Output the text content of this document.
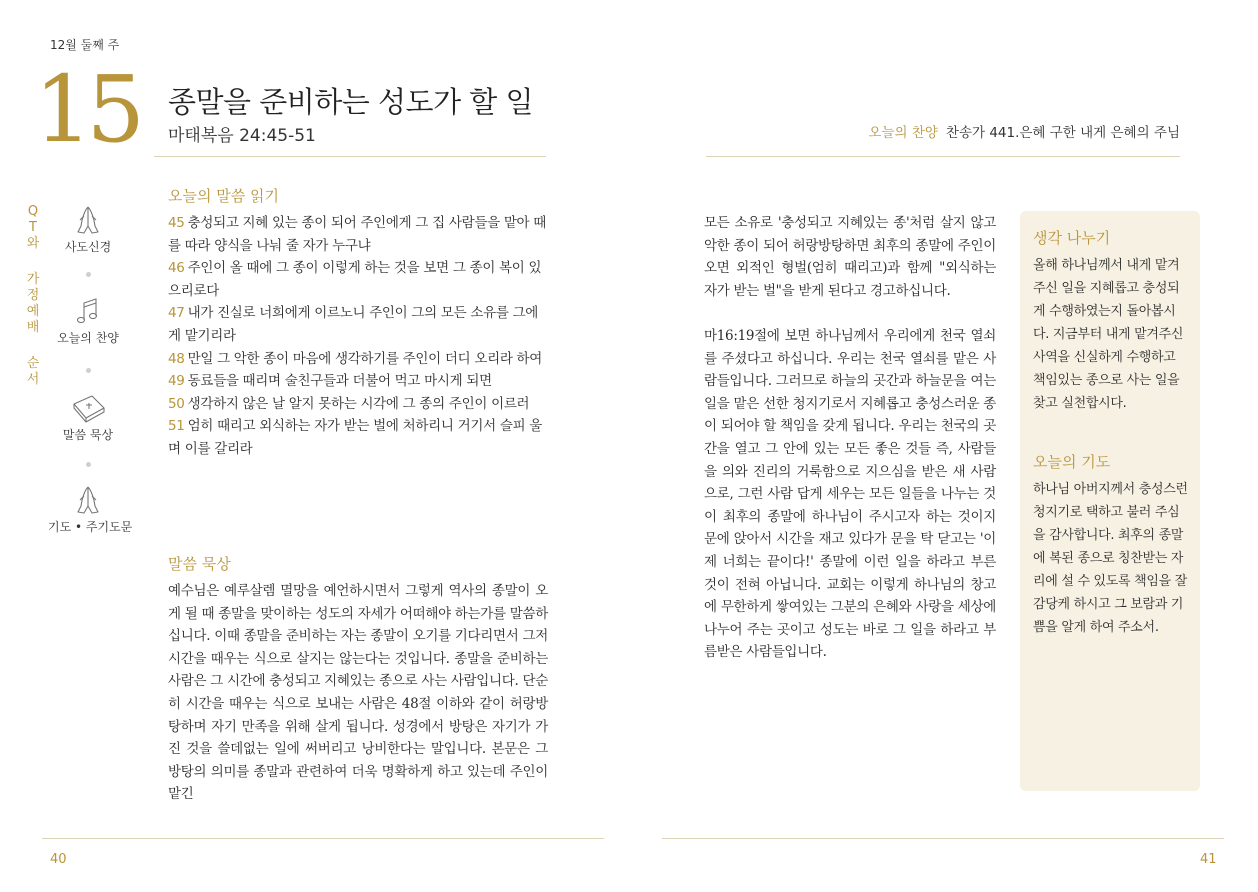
12월 둘째 주
15 종말을 준비하는 성도가 할 일
마태복음 24:45-51
Q
T
와
가
정
예
배
순
서
사도신경
오늘의 찬양
말씀 묵상
기도 • 주기도문
오늘의 말씀 읽기
45 충성되고 지혜 있는 종이 되어 주인에게 그 집 사람들을 맡아 때를 따라 양식을 나눠 줄 자가 누구냐
46 주인이 올 때에 그 종이 이렇게 하는 것을 보면 그 종이 복이 있으리로다
47 내가 진실로 너희에게 이르노니 주인이 그의 모든 소유를 그에게 맡기리라
48 만일 그 악한 종이 마음에 생각하기를 주인이 더디 오리라 하여
49 동료들을 때리며 술친구들과 더불어 먹고 마시게 되면
50 생각하지 않은 날 알지 못하는 시각에 그 종의 주인이 이르러
51 엄히 때리고 외식하는 자가 받는 벌에 처하리니 거기서 슬피 울며 이를 갈리라
말씀 묵상

예수님은 예루살렘 멸망을 예언하시면서 그렇게 역사의 종말이 오게 될 때 종말을 맞이하는 성도의 자세가 어떠해야 하는가를 말씀하십니다. 이때 종말을 준비하는 자는 종말이 오기를 기다리면서 그저 시간을 때우는 식으로 살지는 않는다는 것입니다. 종말을 준비하는 사람은 그 시간에 충성되고 지혜있는 종으로 사는 사람입니다. 단순히 시간을 때우는 식으로 보내는 사람은 48절 이하와 같이 허랑방탕하며 자기 만족을 위해 살게 됩니다. 성경에서 방탕은 자기가 가진 것을 쓸데없는 일에 써버리고 낭비한다는 말입니다. 본문은 그 방탕의 의미를 종말과 관련하여 더욱 명확하게 하고 있는데 주인이 맡긴

40
오늘의 찬양 찬송가 441.은혜 구한 내게 은혜의 주님

모든 소유로 '충성되고 지혜있는 종'처럼 살지 않고 악한 종이 되어 허랑방탕하면 최후의 종말에 주인이 오면 외적인 형벌(엄히 때리고)과 함께 "외식하는 자가 받는 벌"을 받게 된다고 경고하십니다.

마16:19절에 보면 하나님께서 우리에게 천국 열쇠를 주셨다고 하십니다. 우리는 천국 열쇠를 맡은 사람들입니다. 그러므로 하늘의 곳간과 하늘문을 여는 일을 맡은 선한 청지기로서 지혜롭고 충성스러운 종이 되어야 할 책임을 갖게 됩니다. 우리는 천국의 곳간을 열고 그 안에 있는 모든 좋은 것들 즉, 사람들을 의와 진리의 거룩함으로 지으심을 받은 새 사람으로, 그런 사람 답게 세우는 모든 일들을 나누는 것이 최후의 종말에 하나님이 주시고자 하는 것이지 문에 앉아서 시간을 재고 있다가 문을 탁 닫고는 '이제 너희는 끝이다!' 종말에 이런 일을 하라고 부른 것이 전혀 아닙니다. 교회는 이렇게 하나님의 창고에 무한하게 쌓여있는 그분의 은혜와 사랑을 세상에 나누어 주는 곳이고 성도는 바로 그 일을 하라고 부름받은 사람들입니다.

생각 나누기
올해 하나님께서 내게 맡겨주신 일을 지혜롭고 충성되게 수행하였는지 돌아봅시다. 지금부터 내게 맡겨주신 사역을 신실하게 수행하고 책임있는 종으로 사는 일을 찾고 실천합시다.
오늘의 기도
하나님 아버지께서 충성스런 청지기로 택하고 불러 주심을 감사합니다. 최후의 종말에 복된 종으로 칭찬받는 자리에 설 수 있도록 책임을 잘 감당케 하시고 그 보람과 기쁨을 알게 하여 주소서.
41
